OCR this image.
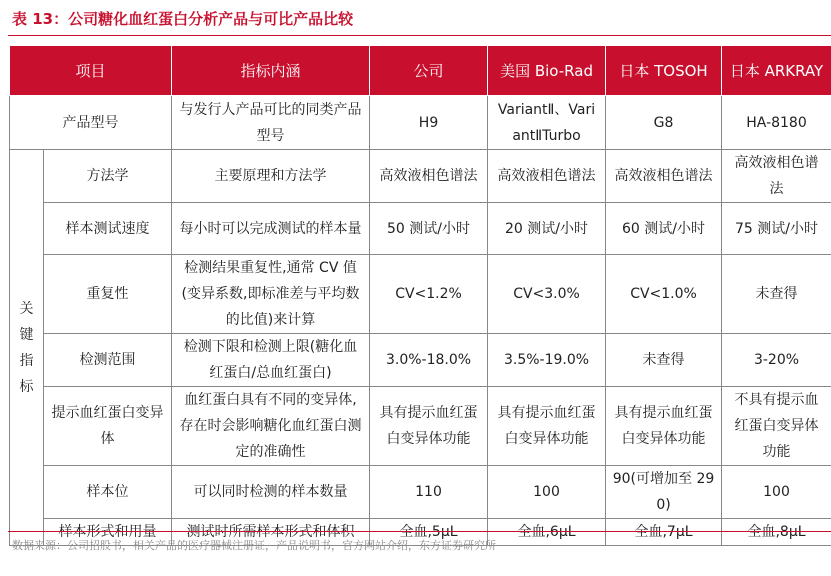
表 13：公司糖化血红蛋白分析产品与可比产品比较
项目		指标内涵	公司	美国 Bio-Rad	日本 TOSOH	日本 ARKRAY
产品型号		与发行人产品可比的同类产品型号	H9	VariantⅡ、VariantⅡTurbo	G8	HA-8180
关键指标	方法学	主要原理和方法学	高效液相色谱法	高效液相色谱法	高效液相色谱法	高效液相色谱法
	样本测试速度	每小时可以完成测试的样本量	50 测试/小时	20 测试/小时	60 测试/小时	75 测试/小时
	重复性	检测结果重复性,通常 CV 值(变异系数,即标准差与平均数的比值)来计算	CV<1.2%	CV<3.0%	CV<1.0%	未查得
	检测范围	检测下限和检测上限(糖化血红蛋白/总血红蛋白)	3.0%-18.0%	3.5%-19.0%	未查得	3-20%
	提示血红蛋白变异体	血红蛋白具有不同的变异体,存在时会影响糖化血红蛋白测定的准确性	具有提示血红蛋白变异体功能	具有提示血红蛋白变异体功能	具有提示血红蛋白变异体功能	不具有提示血红蛋白变异体功能
	样本位	可以同时检测的样本数量	110	100	90(可增加至 290)	100
	样本形式和用量	测试时所需样本形式和体积	全血,5μL	全血,6μL	全血,7μL	全血,8μL
数据来源：公司招股书，相关产品的医疗器械注册证，产品说明书，官方网站介绍，东方证券研究所
